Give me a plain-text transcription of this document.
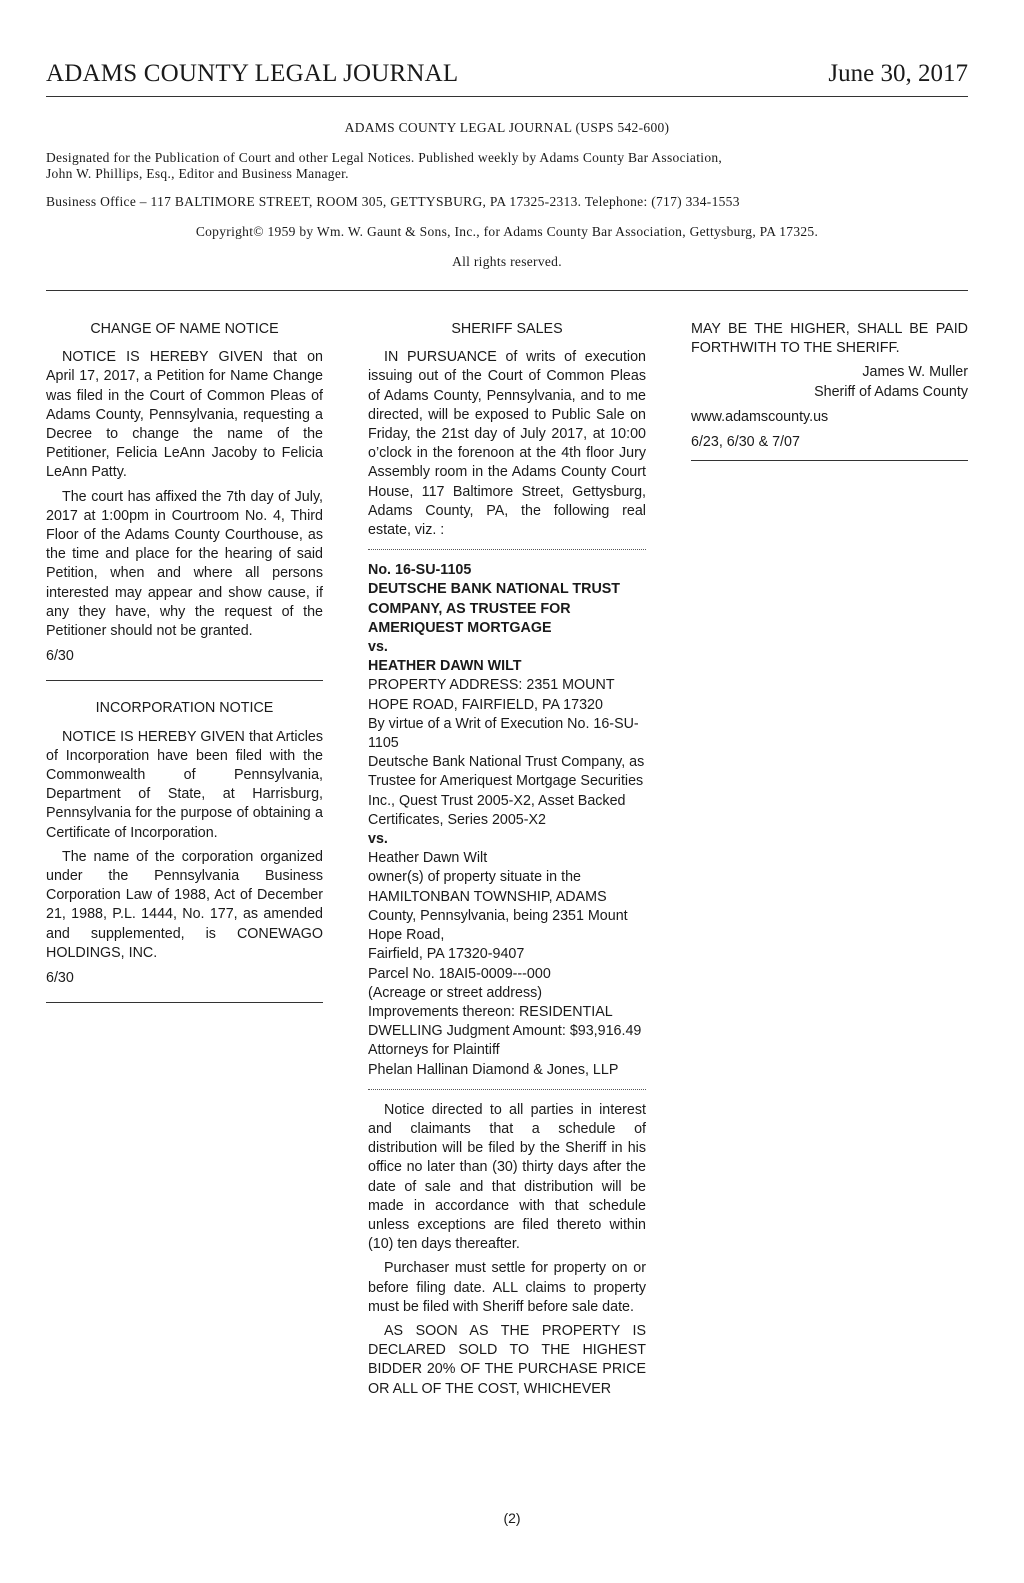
ADAMS COUNTY LEGAL JOURNAL	June 30, 2017
ADAMS COUNTY LEGAL JOURNAL (USPS 542-600)
Designated for the Publication of Court and other Legal Notices. Published weekly by Adams County Bar Association,
John W. Phillips, Esq., Editor and Business Manager.
Business Office – 117 BALTIMORE STREET, ROOM 305, GETTYSBURG, PA 17325-2313. Telephone: (717) 334-1553
Copyright© 1959 by Wm. W. Gaunt & Sons, Inc., for Adams County Bar Association, Gettysburg, PA 17325.
All rights reserved.

CHANGE OF NAME NOTICE

NOTICE IS HEREBY GIVEN that on April 17, 2017, a Petition for Name Change was filed in the Court of Common Pleas of Adams County, Pennsylvania, requesting a Decree to change the name of the Petitioner, Felicia LeAnn Jacoby to Felicia LeAnn Patty.

The court has affixed the 7th day of July, 2017 at 1:00pm in Courtroom No. 4, Third Floor of the Adams County Courthouse, as the time and place for the hearing of said Petition, when and where all persons interested may appear and show cause, if any they have, why the request of the Petitioner should not be granted.

6/30

INCORPORATION NOTICE

NOTICE IS HEREBY GIVEN that Articles of Incorporation have been filed with the Commonwealth of Pennsylvania, Department of State, at Harrisburg, Pennsylvania for the purpose of obtaining a Certificate of Incorporation.

The name of the corporation organized under the Pennsylvania Business Corporation Law of 1988, Act of December 21, 1988, P.L. 1444, No. 177, as amended and supplemented, is CONEWAGO HOLDINGS, INC.

6/30

SHERIFF SALES

IN PURSUANCE of writs of execution issuing out of the Court of Common Pleas of Adams County, Pennsylvania, and to me directed, will be exposed to Public Sale on Friday, the 21st day of July 2017, at 10:00 o’clock in the forenoon at the 4th floor Jury Assembly room in the Adams County Court House, 117 Baltimore Street, Gettysburg, Adams County, PA, the following real estate, viz. :

No. 16-SU-1105

DEUTSCHE BANK NATIONAL TRUST COMPANY, AS TRUSTEE FOR AMERIQUEST MORTGAGE

vs.

HEATHER DAWN WILT

PROPERTY ADDRESS: 2351 MOUNT HOPE ROAD, FAIRFIELD, PA 17320

By virtue of a Writ of Execution No. 16-SU-1105

Deutsche Bank National Trust Company, as Trustee for Ameriquest Mortgage Securities Inc., Quest Trust 2005-X2, Asset Backed Certificates, Series 2005-X2

vs.

Heather Dawn Wilt

owner(s) of property situate in the HAMILTONBAN TOWNSHIP, ADAMS County, Pennsylvania, being 2351 Mount Hope Road,

Fairfield, PA 17320-9407

Parcel No. 18AI5-0009---000

(Acreage or street address)

Improvements thereon: RESIDENTIAL DWELLING Judgment Amount: $93,916.49

Attorneys for Plaintiff

Phelan Hallinan Diamond & Jones, LLP

Notice directed to all parties in interest and claimants that a schedule of distribution will be filed by the Sheriff in his office no later than (30) thirty days after the date of sale and that distribution will be made in accordance with that schedule unless exceptions are filed thereto within (10) ten days thereafter.

Purchaser must settle for property on or before filing date. ALL claims to property must be filed with Sheriff before sale date.

AS SOON AS THE PROPERTY IS DECLARED SOLD TO THE HIGHEST BIDDER 20% OF THE PURCHASE PRICE OR ALL OF THE COST, WHICHEVER

MAY BE THE HIGHER, SHALL BE PAID FORTHWITH TO THE SHERIFF.

James W. Muller

Sheriff of Adams County

www.adamscounty.us

6/23, 6/30 & 7/07

(2)
